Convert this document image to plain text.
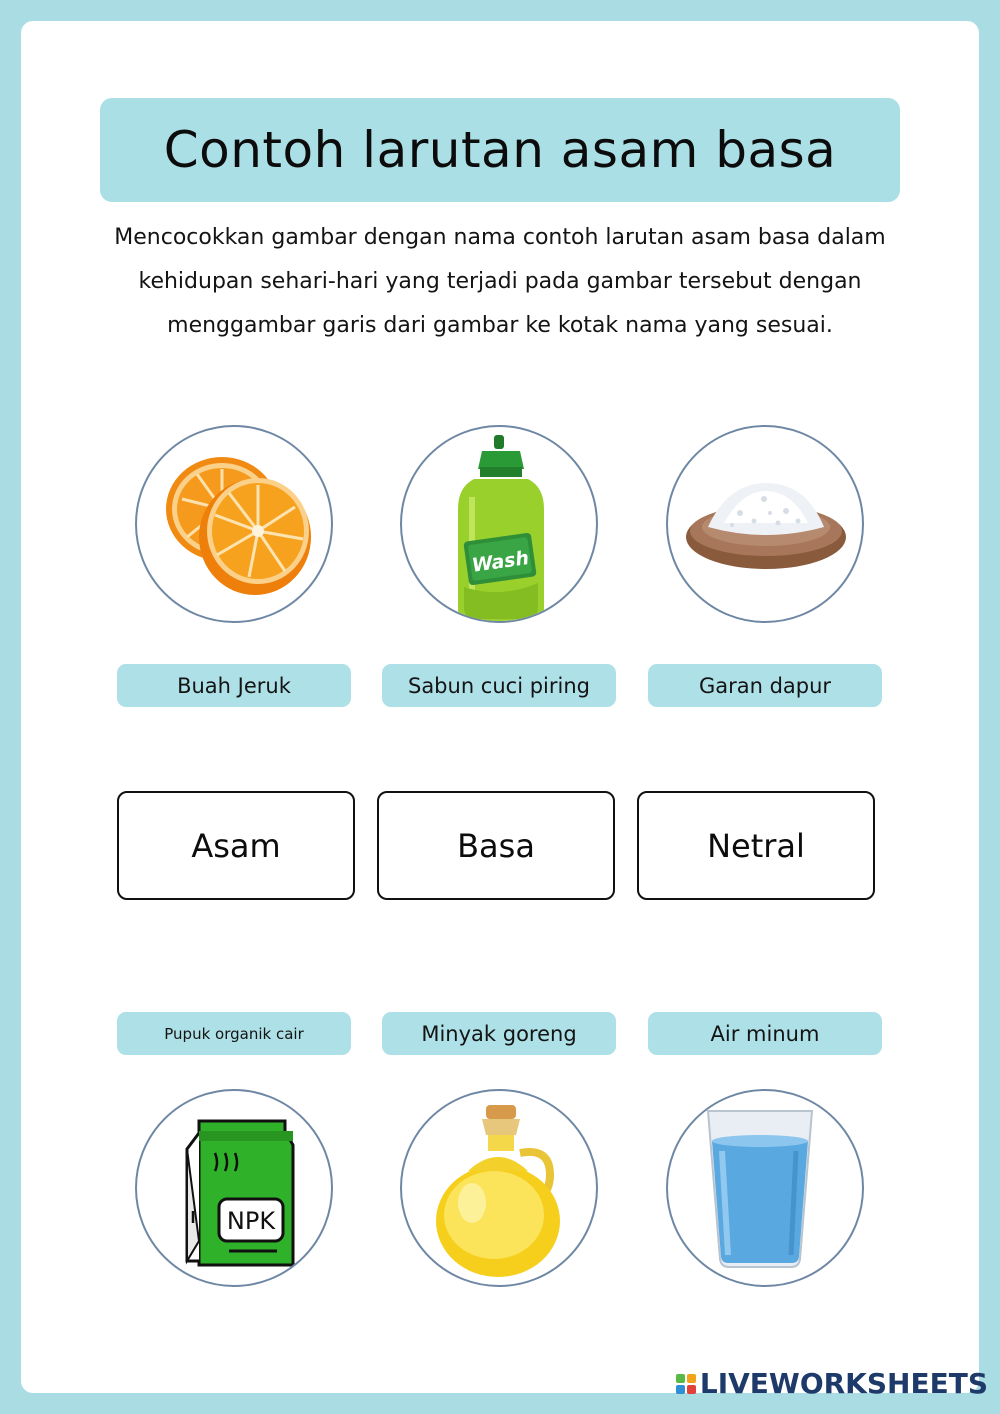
Contoh larutan asam basa
Mencocokkan gambar dengan nama contoh larutan asam basa dalam kehidupan sehari-hari yang terjadi pada gambar tersebut dengan menggambar garis dari gambar ke kotak nama yang sesuai.
Wash
Buah Jeruk	Sabun cuci piring	Garan dapur
Asam	Basa	Netral
Pupuk organik cair	Minyak goreng	Air minum
NPK
LIVEWORKSHEETS
